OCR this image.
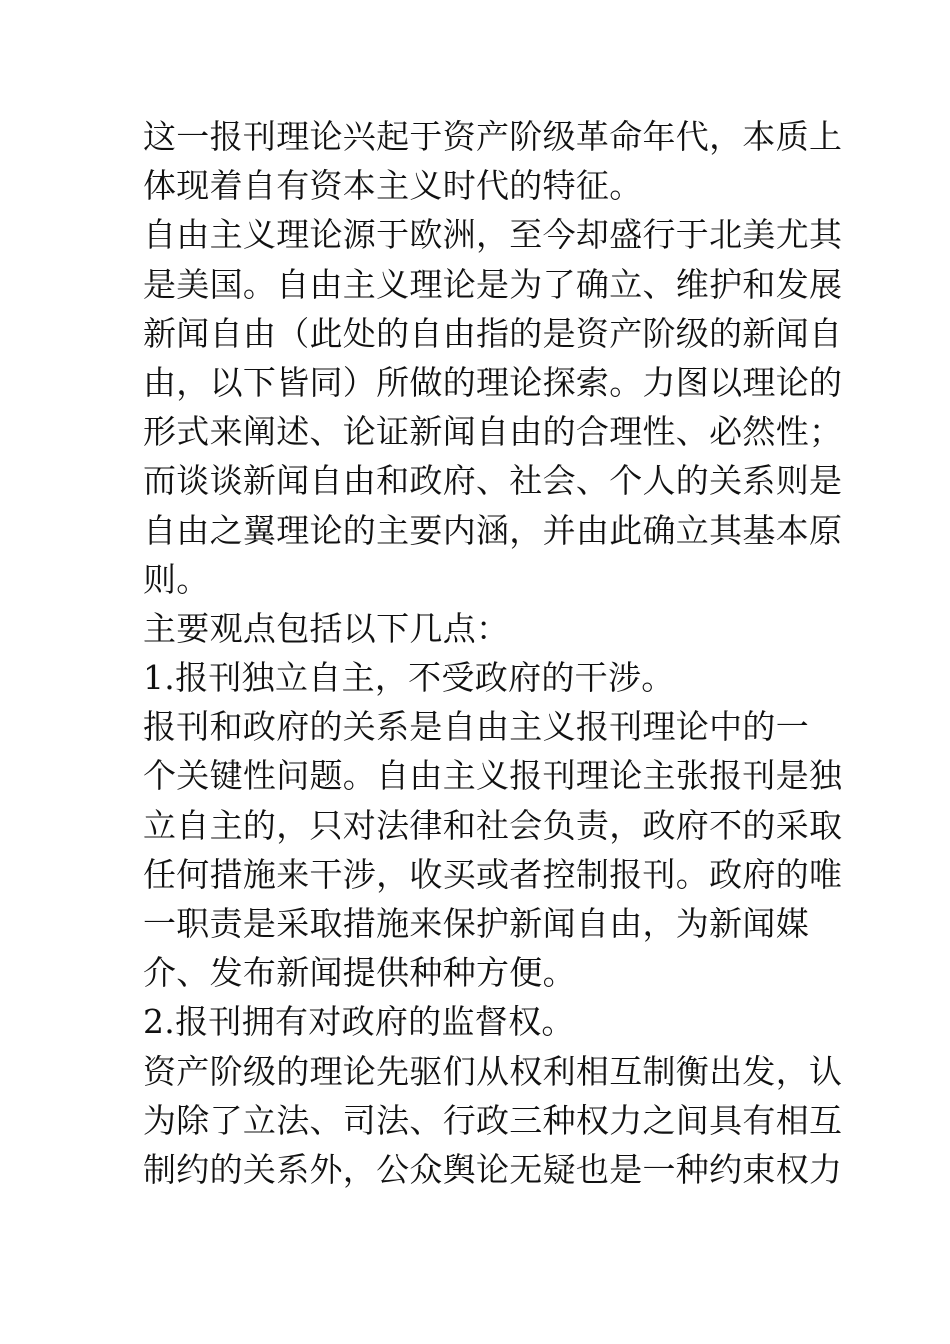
这一报刊理论兴起于资产阶级革命年代，本质上
体现着自有资本主义时代的特征。
自由主义理论源于欧洲，至今却盛行于北美尤其
是美国。自由主义理论是为了确立、维护和发展
新闻自由（此处的自由指的是资产阶级的新闻自
由，以下皆同）所做的理论探索。力图以理论的
形式来阐述、论证新闻自由的合理性、必然性；
而谈谈新闻自由和政府、社会、个人的关系则是
自由之翼理论的主要内涵，并由此确立其基本原
则。
主要观点包括以下几点：
1.报刊独立自主，不受政府的干涉。
报刊和政府的关系是自由主义报刊理论中的一
个关键性问题。自由主义报刊理论主张报刊是独
立自主的，只对法律和社会负责，政府不的采取
任何措施来干涉，收买或者控制报刊。政府的唯
一职责是采取措施来保护新闻自由，为新闻媒
介、发布新闻提供种种方便。
2.报刊拥有对政府的监督权。
资产阶级的理论先驱们从权利相互制衡出发，认
为除了立法、司法、行政三种权力之间具有相互
制约的关系外，公众舆论无疑也是一种约束权力
